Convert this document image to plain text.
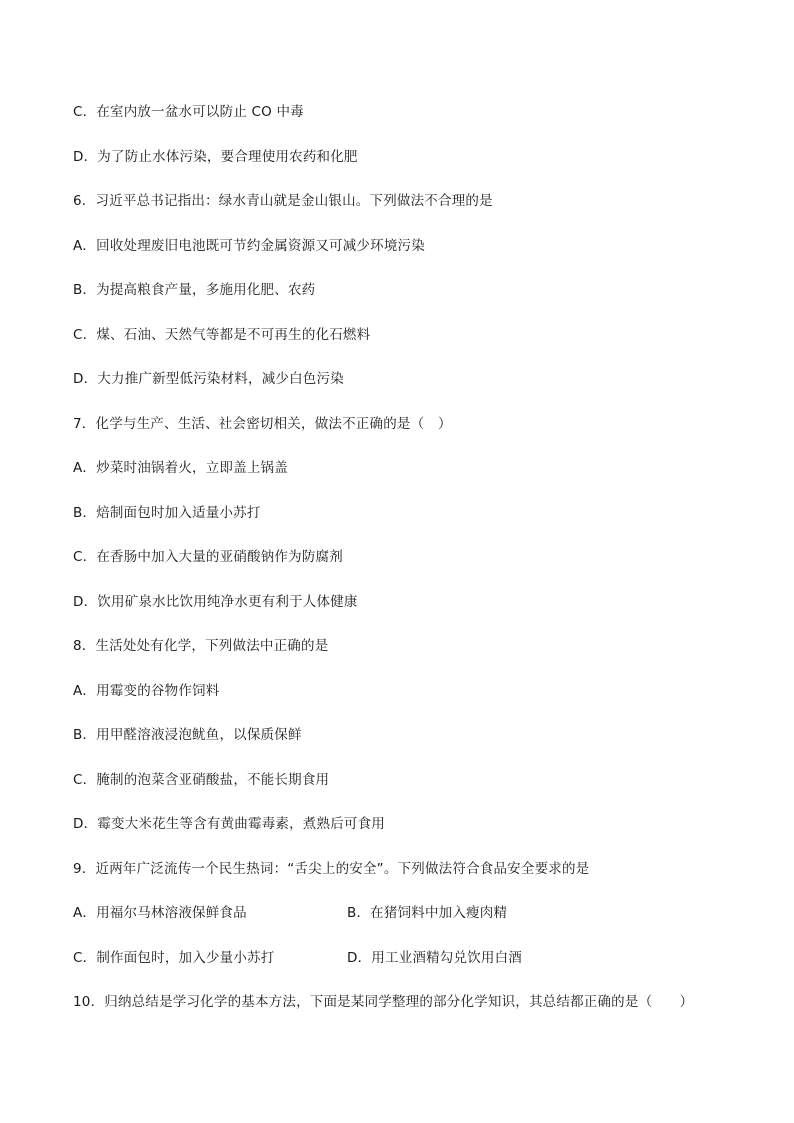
C．在室内放一盆水可以防止 CO 中毒
D．为了防止水体污染，要合理使用农药和化肥
6．习近平总书记指出：绿水青山就是金山银山。下列做法不合理的是
A．回收处理废旧电池既可节约金属资源又可减少环境污染
B．为提高粮食产量，多施用化肥、农药
C．煤、石油、天然气等都是不可再生的化石燃料
D．大力推广新型低污染材料，减少白色污染
7．化学与生产、生活、社会密切相关，做法不正确的是（　）
A．炒菜时油锅着火，立即盖上锅盖
B．焙制面包时加入适量小苏打
C．在香肠中加入大量的亚硝酸钠作为防腐剂
D．饮用矿泉水比饮用纯净水更有利于人体健康
8．生活处处有化学，下列做法中正确的是
A．用霉变的谷物作饲料
B．用甲醛溶液浸泡鱿鱼，以保质保鲜
C．腌制的泡菜含亚硝酸盐，不能长期食用
D．霉变大米花生等含有黄曲霉毒素，煮熟后可食用
9．近两年广泛流传一个民生热词：“舌尖上的安全”。下列做法符合食品安全要求的是
A．用福尔马林溶液保鲜食品	B．在猪饲料中加入瘦肉精
C．制作面包时，加入少量小苏打	D．用工业酒精勾兑饮用白酒
10．归纳总结是学习化学的基本方法，下面是某同学整理的部分化学知识，其总结都正确的是（　　）
